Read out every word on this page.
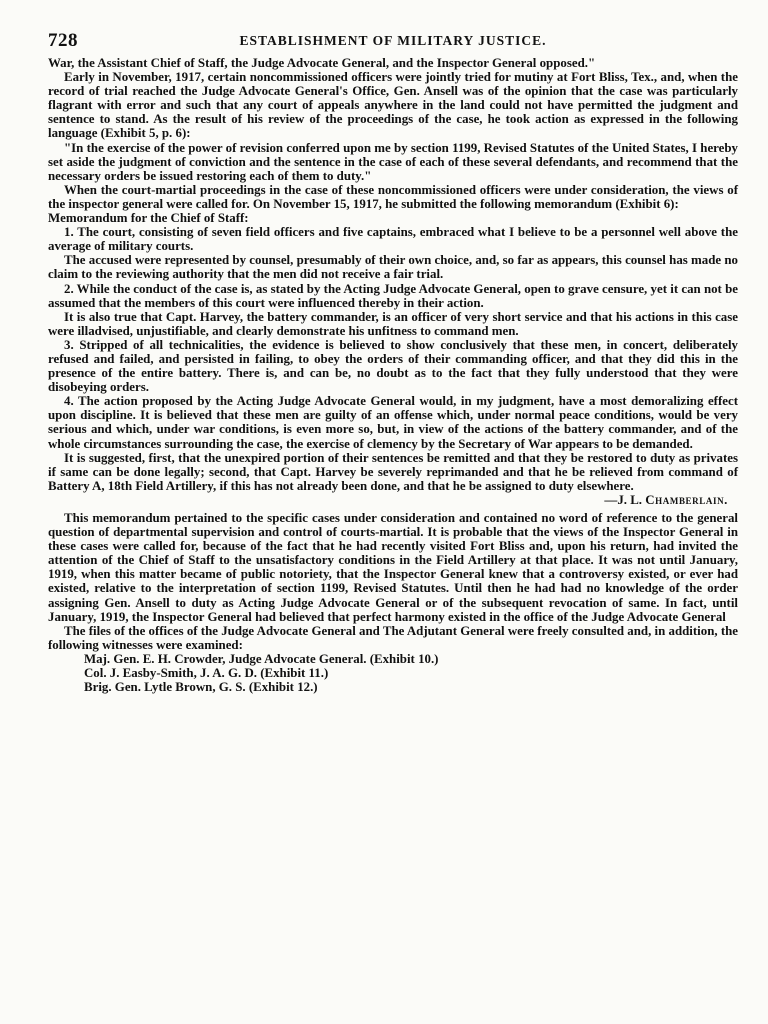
728	ESTABLISHMENT OF MILITARY JUSTICE.

War, the Assistant Chief of Staff, the Judge Advocate General, and the Inspector General opposed."

Early in November, 1917, certain noncommissioned officers were jointly tried for mutiny at Fort Bliss, Tex., and, when the record of trial reached the Judge Advocate General's Office, Gen. Ansell was of the opinion that the case was particularly flagrant with error and such that any court of appeals anywhere in the land could not have permitted the judgment and sentence to stand. As the result of his review of the proceedings of the case, he took action as expressed in the following language (Exhibit 5, p. 6):

"In the exercise of the power of revision conferred upon me by section 1199, Revised Statutes of the United States, I hereby set aside the judgment of conviction and the sentence in the case of each of these several defendants, and recommend that the necessary orders be issued restoring each of them to duty."

When the court-martial proceedings in the case of these noncommissioned officers were under consideration, the views of the inspector general were called for. On November 15, 1917, he submitted the following memorandum (Exhibit 6):

Memorandum for the Chief of Staff:

1. The court, consisting of seven field officers and five captains, embraced what I believe to be a personnel well above the average of military courts.

The accused were represented by counsel, presumably of their own choice, and, so far as appears, this counsel has made no claim to the reviewing authority that the men did not receive a fair trial.

2. While the conduct of the case is, as stated by the Acting Judge Advocate General, open to grave censure, yet it can not be assumed that the members of this court were influenced thereby in their action.

It is also true that Capt. Harvey, the battery commander, is an officer of very short service and that his actions in this case were illadvised, unjustifiable, and clearly demonstrate his unfitness to command men.

3. Stripped of all technicalities, the evidence is believed to show conclusively that these men, in concert, deliberately refused and failed, and persisted in failing, to obey the orders of their commanding officer, and that they did this in the presence of the entire battery. There is, and can be, no doubt as to the fact that they fully understood that they were disobeying orders.

4. The action proposed by the Acting Judge Advocate General would, in my judgment, have a most demoralizing effect upon discipline. It is believed that these men are guilty of an offense which, under normal peace conditions, would be very serious and which, under war conditions, is even more so, but, in view of the actions of the battery commander, and of the whole circumstances surrounding the case, the exercise of clemency by the Secretary of War appears to be demanded.

It is suggested, first, that the unexpired portion of their sentences be remitted and that they be restored to duty as privates if same can be done legally; second, that Capt. Harvey be severely reprimanded and that he be relieved from command of Battery A, 18th Field Artillery, if this has not already been done, and that he be assigned to duty elsewhere.

—J. L. Chamberlain.

This memorandum pertained to the specific cases under consideration and contained no word of reference to the general question of departmental supervision and control of courts-martial. It is probable that the views of the Inspector General in these cases were called for, because of the fact that he had recently visited Fort Bliss and, upon his return, had invited the attention of the Chief of Staff to the unsatisfactory conditions in the Field Artillery at that place. It was not until January, 1919, when this matter became of public notoriety, that the Inspector General knew that a controversy existed, or ever had existed, relative to the interpretation of section 1199, Revised Statutes. Until then he had had no knowledge of the order assigning Gen. Ansell to duty as Acting Judge Advocate General or of the subsequent revocation of same. In fact, until January, 1919, the Inspector General had believed that perfect harmony existed in the office of the Judge Advocate General

The files of the offices of the Judge Advocate General and The Adjutant General were freely consulted and, in addition, the following witnesses were examined:

Maj. Gen. E. H. Crowder, Judge Advocate General. (Exhibit 10.)

Col. J. Easby-Smith, J. A. G. D. (Exhibit 11.)

Brig. Gen. Lytle Brown, G. S. (Exhibit 12.)
